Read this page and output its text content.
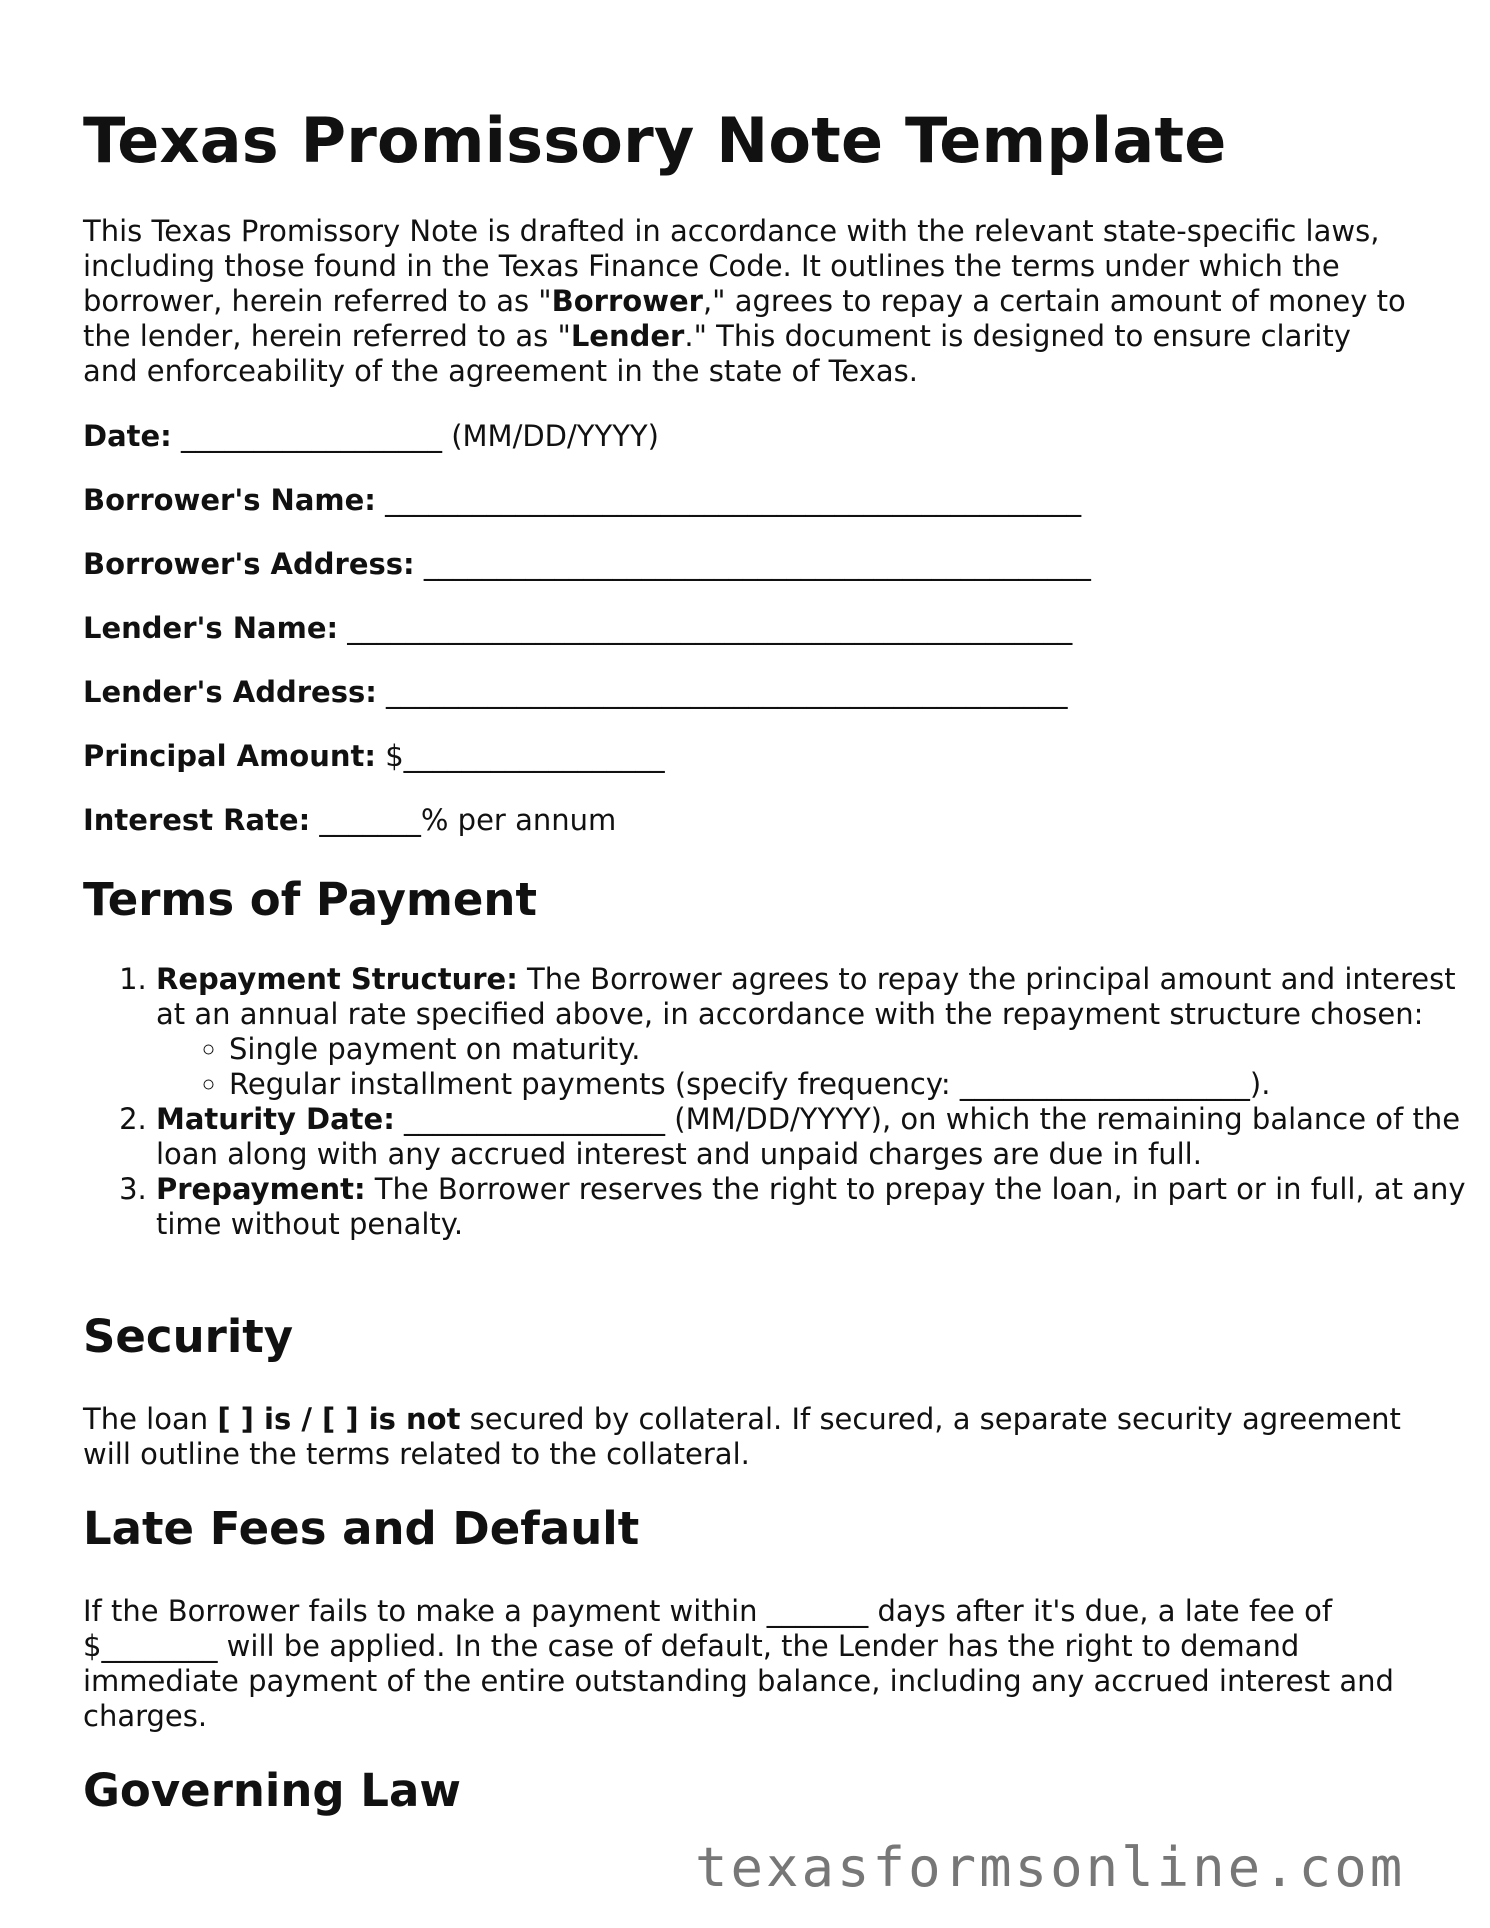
Texas Promissory Note Template

This Texas Promissory Note is drafted in accordance with the relevant state-specific laws, including those found in the Texas Finance Code. It outlines the terms under which the borrower, herein referred to as "Borrower," agrees to repay a certain amount of money to the lender, herein referred to as "Lender." This document is designed to ensure clarity and enforceability of the agreement in the state of Texas.

Date: __________________ (MM/DD/YYYY)

Borrower's Name: ________________________________________________

Borrower's Address: ______________________________________________

Lender's Name: __________________________________________________

Lender's Address: _______________________________________________

Principal Amount: $__________________

Interest Rate: _______% per annum

Terms of Payment
1. Repayment Structure: The Borrower agrees to repay the principal amount and interest at an annual rate specified above, in accordance with the repayment structure chosen:
◦ Single payment on maturity.
◦ Regular installment payments (specify frequency: ____________________).
2. Maturity Date: __________________ (MM/DD/YYYY), on which the remaining balance of the loan along with any accrued interest and unpaid charges are due in full.
3. Prepayment: The Borrower reserves the right to prepay the loan, in part or in full, at any time without penalty.
Security

The loan [ ] is / [ ] is not secured by collateral. If secured, a separate security agreement will outline the terms related to the collateral.

Late Fees and Default

If the Borrower fails to make a payment within _______ days after it's due, a late fee of $________ will be applied. In the case of default, the Lender has the right to demand immediate payment of the entire outstanding balance, including any accrued interest and charges.

Governing Law
texasformsonline.com
